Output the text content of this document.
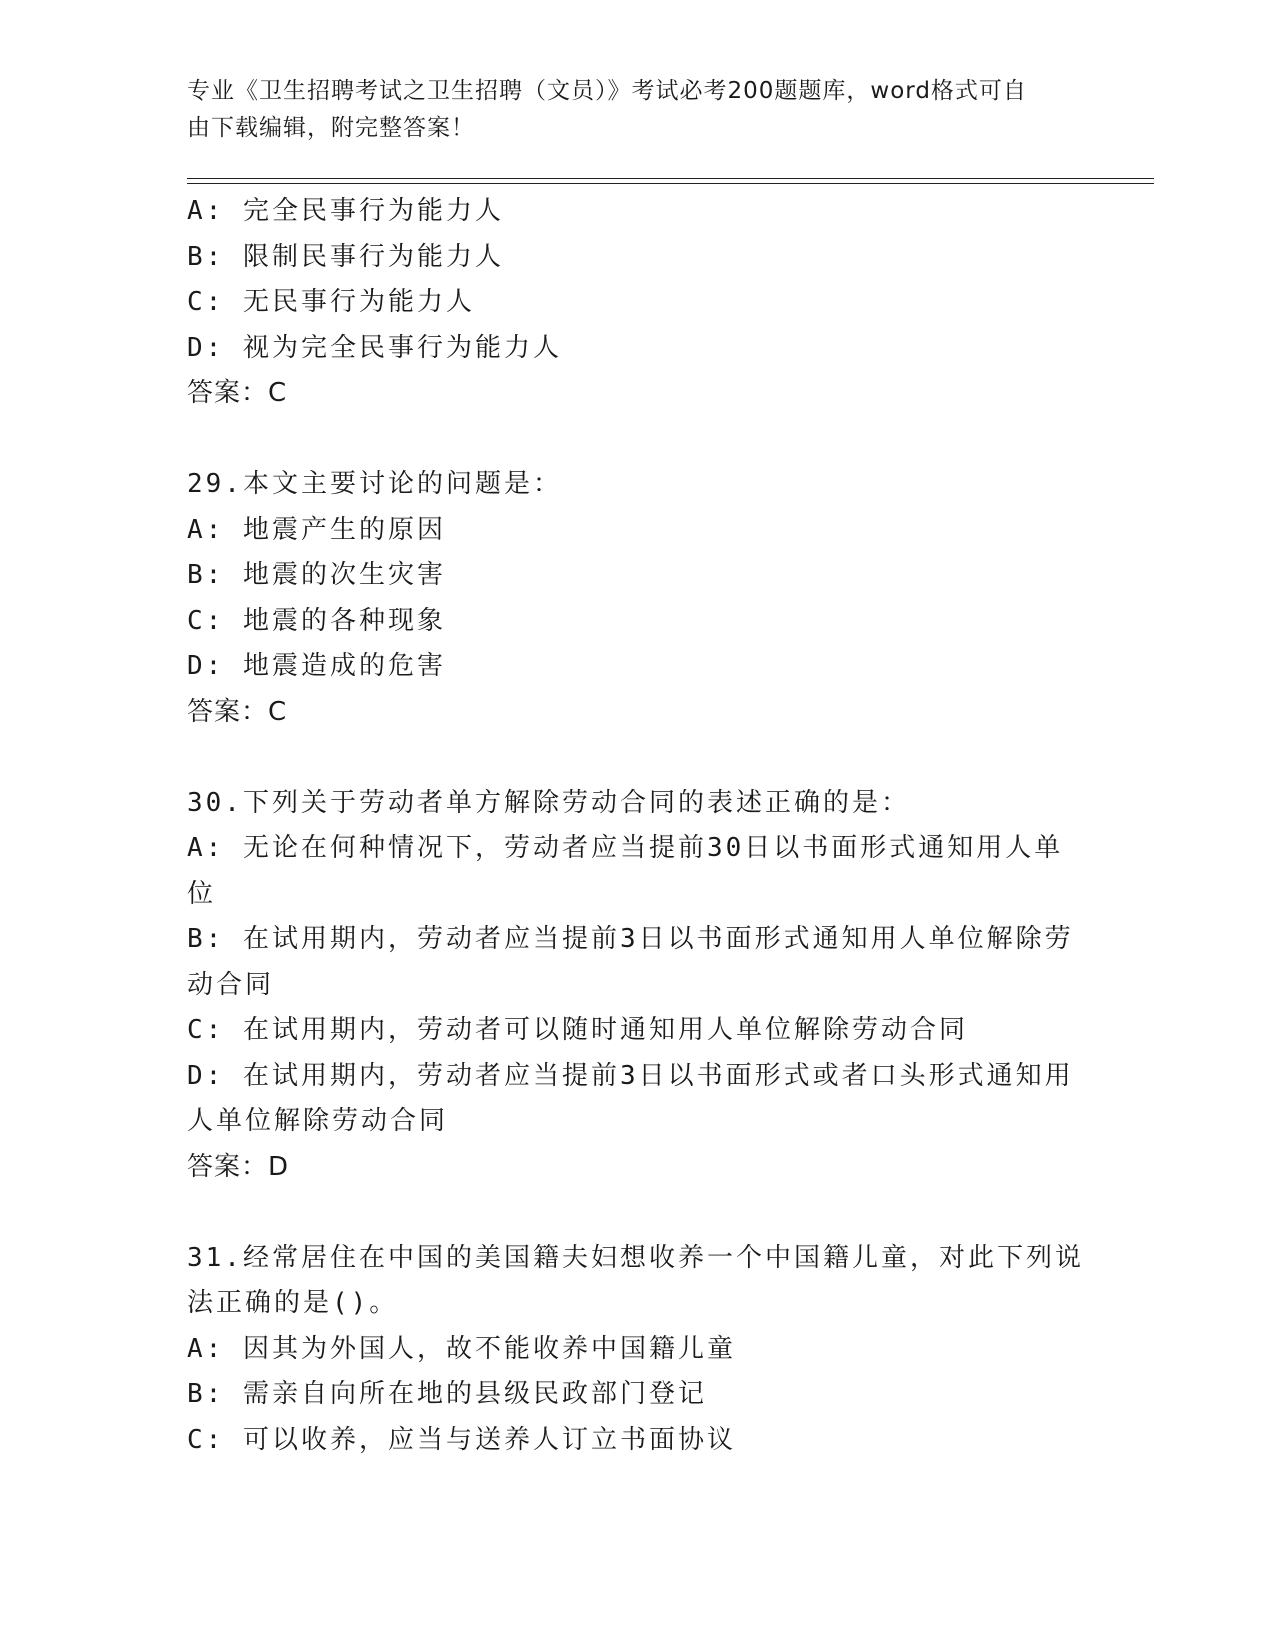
专业《卫生招聘考试之卫生招聘（文员）》考试必考200题题库，word格式可自
由下载编辑，附完整答案！
A: 完全民事行为能力人
B: 限制民事行为能力人
C: 无民事行为能力人
D: 视为完全民事行为能力人
答案：C
29.本文主要讨论的问题是：
A: 地震产生的原因
B: 地震的次生灾害
C: 地震的各种现象
D: 地震造成的危害
答案：C
30.下列关于劳动者单方解除劳动合同的表述正确的是：
A: 无论在何种情况下，劳动者应当提前30日以书面形式通知用人单
位
B: 在试用期内，劳动者应当提前3日以书面形式通知用人单位解除劳
动合同
C: 在试用期内，劳动者可以随时通知用人单位解除劳动合同
D: 在试用期内，劳动者应当提前3日以书面形式或者口头形式通知用
人单位解除劳动合同
答案：D
31.经常居住在中国的美国籍夫妇想收养一个中国籍儿童，对此下列说
法正确的是()。
A: 因其为外国人，故不能收养中国籍儿童
B: 需亲自向所在地的县级民政部门登记
C: 可以收养，应当与送养人订立书面协议
